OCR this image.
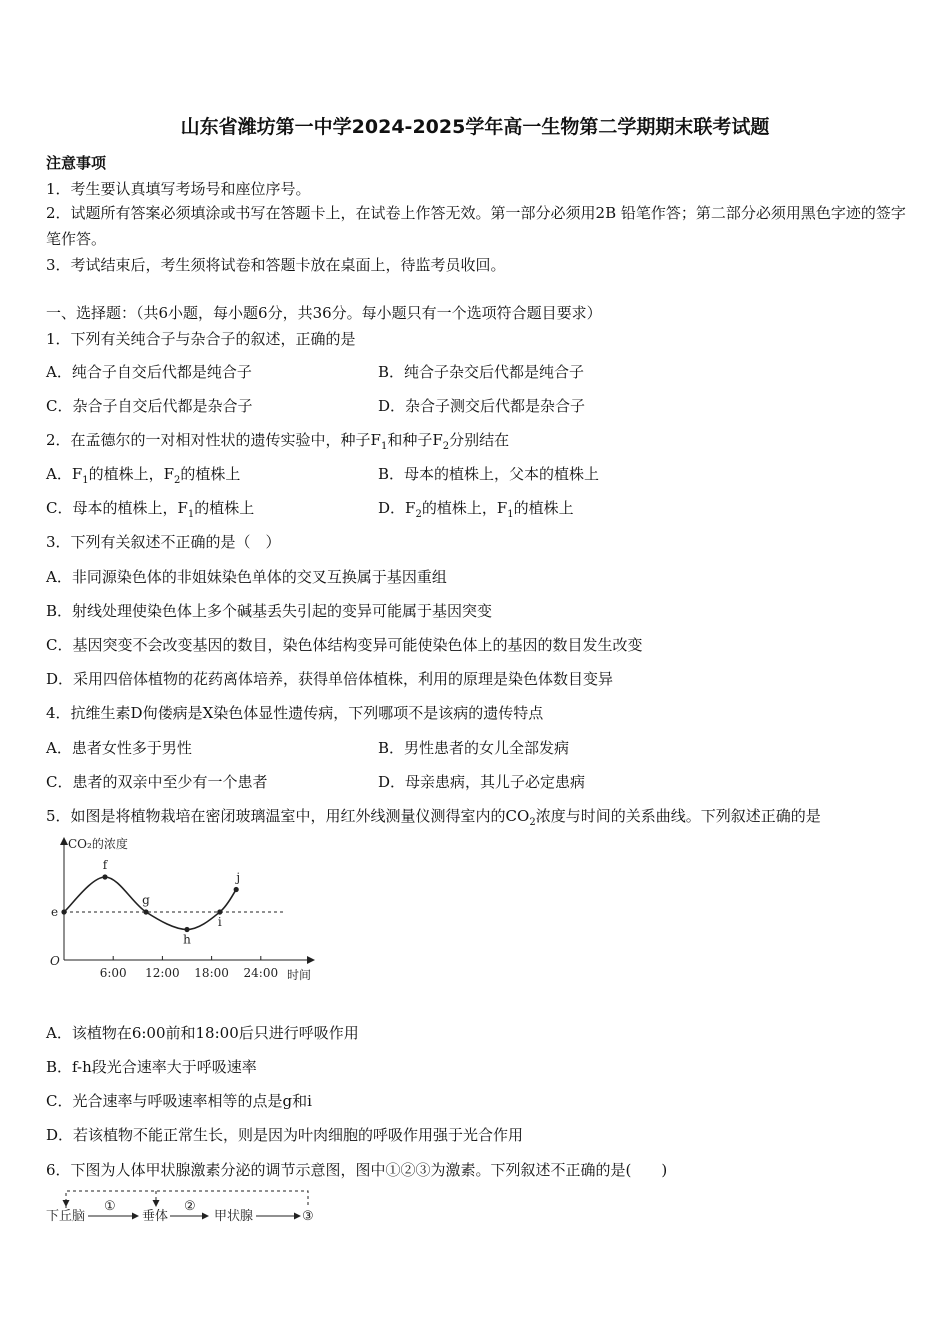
山东省潍坊第一中学2024-2025学年高一生物第二学期期末联考试题
注意事项
1．考生要认真填写考场号和座位序号。
2．试题所有答案必须填涂或书写在答题卡上，在试卷上作答无效。第一部分必须用2B 铅笔作答；第二部分必须用黑色字迹的签字笔作答。
3．考试结束后，考生须将试卷和答题卡放在桌面上，待监考员收回。
一、选择题：（共6小题，每小题6分，共36分。每小题只有一个选项符合题目要求）
1．下列有关纯合子与杂合子的叙述，正确的是
A．纯合子自交后代都是纯合子	B．纯合子杂交后代都是纯合子
C．杂合子自交后代都是杂合子	D．杂合子测交后代都是杂合子
2．在孟德尔的一对相对性状的遗传实验中，种子$F_1$和种子$F_2$分别结在
A．$F_1$的植株上，$F_2$的植株上	B．母本的植株上，父本的植株上
C．母本的植株上，$F_1$的植株上	D．$F_2$的植株上，$F_1$的植株上
3．下列有关叙述不正确的是（　）
A．非同源染色体的非姐妹染色单体的交叉互换属于基因重组
B．射线处理使染色体上多个碱基丢失引起的变异可能属于基因突变
C．基因突变不会改变基因的数目，染色体结构变异可能使染色体上的基因的数目发生改变
D．采用四倍体植物的花药离体培养，获得单倍体植株，利用的原理是染色体数目变异
4．抗维生素D佝偻病是X染色体显性遗传病，下列哪项不是该病的遗传特点
A．患者女性多于男性	B．男性患者的女儿全部发病
C．患者的双亲中至少有一个患者	D．母亲患病，其儿子必定患病
5．如图是将植物栽培在密闭玻璃温室中，用红外线测量仪测得室内的$CO_2$浓度与时间的关系曲线。下列叙述正确的是
CO₂的浓度
时间
O
e
6:00 12:00 18:00 24:00
f
g
h
i
j
A．该植物在6:00前和18:00后只进行呼吸作用
B．f-h段光合速率大于呼吸速率
C．光合速率与呼吸速率相等的点是g和i
D．若该植物不能正常生长，则是因为叶肉细胞的呼吸作用强于光合作用
6．下图为人体甲状腺激素分泌的调节示意图，图中①②③为激素。下列叙述不正确的是(　　)
下丘脑
①
垂体
②
甲状腺	③
